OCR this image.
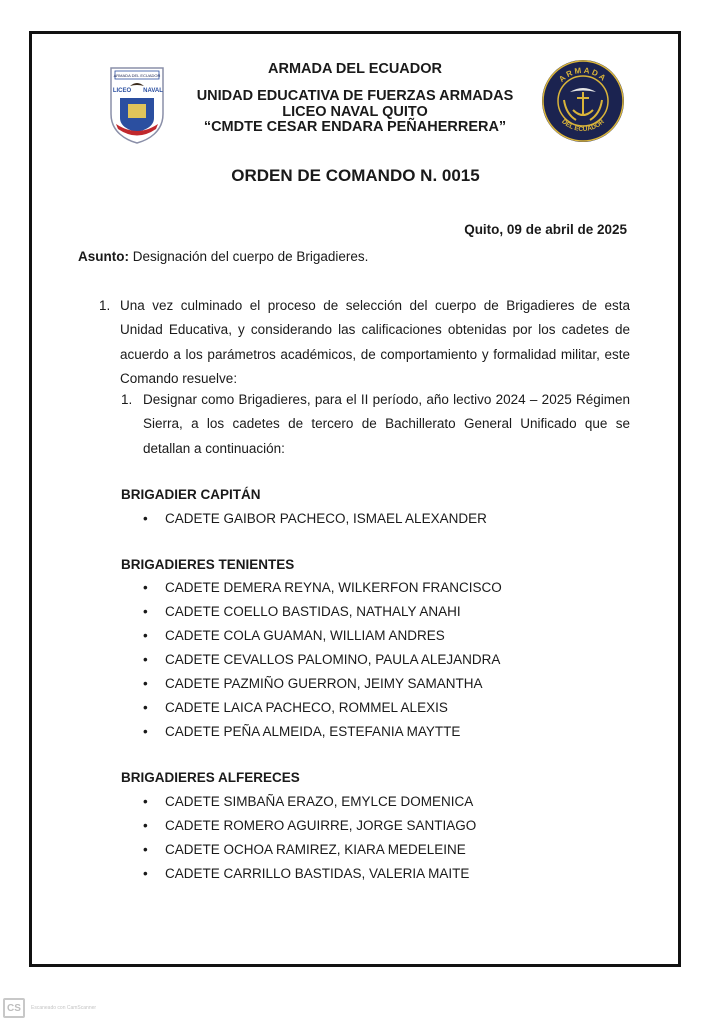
ARMADA DEL ECUADOR
LICEO NAVAL
ARMADA DEL ECUADOR
UNIDAD EDUCATIVA DE FUERZAS ARMADAS
LICEO NAVAL QUITO
“CMDTE CESAR ENDARA PEÑAHERRERA”
ARMADA
DEL ECUADOR
ORDEN DE COMANDO N. 0015
Quito, 09 de abril de 2025
Asunto: Designación del cuerpo de Brigadieres.
1. Una vez culminado el proceso de selección del cuerpo de Brigadieres de esta Unidad Educativa, y considerando las calificaciones obtenidas por los cadetes de acuerdo a los parámetros académicos, de comportamiento y formalidad militar, este Comando resuelve:
1. Designar como Brigadieres, para el II período, año lectivo 2024 – 2025 Régimen Sierra, a los cadetes de tercero de Bachillerato General Unificado que se detallan a continuación:
BRIGADIER CAPITÁN
• CADETE GAIBOR PACHECO, ISMAEL ALEXANDER
BRIGADIERES TENIENTES
• CADETE DEMERA REYNA, WILKERFON FRANCISCO
• CADETE COELLO BASTIDAS, NATHALY ANAHI
• CADETE COLA GUAMAN, WILLIAM ANDRES
• CADETE CEVALLOS PALOMINO, PAULA ALEJANDRA
• CADETE PAZMIÑO GUERRON, JEIMY SAMANTHA
• CADETE LAICA PACHECO, ROMMEL ALEXIS
• CADETE PEÑA ALMEIDA, ESTEFANIA MAYTTE
BRIGADIERES ALFERECES
• CADETE SIMBAÑA ERAZO, EMYLCE DOMENICA
• CADETE ROMERO AGUIRRE, JORGE SANTIAGO
• CADETE OCHOA RAMIREZ, KIARA MEDELEINE
• CADETE CARRILLO BASTIDAS, VALERIA MAITE
CS	Escaneado con CamScanner
